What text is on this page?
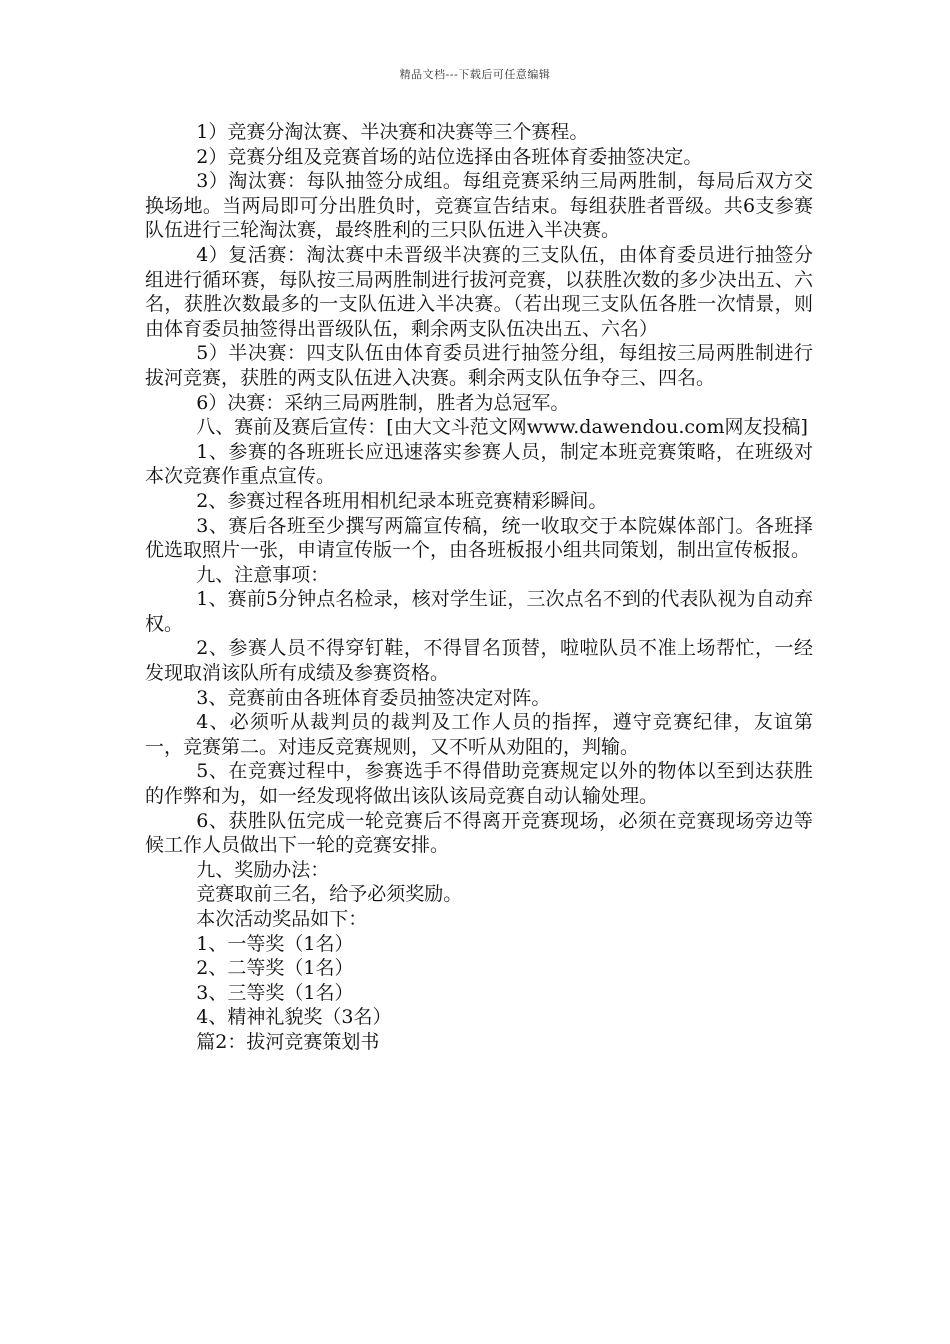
精品文档---下载后可任意编辑

1）竞赛分淘汰赛、半决赛和决赛等三个赛程。

2）竞赛分组及竞赛首场的站位选择由各班体育委抽签决定。

3）淘汰赛：每队抽签分成组。每组竞赛采纳三局两胜制，每局后双方交换场地。当两局即可分出胜负时，竞赛宣告结束。每组获胜者晋级。共6支参赛队伍进行三轮淘汰赛，最终胜利的三只队伍进入半决赛。

4）复活赛：淘汰赛中未晋级半决赛的三支队伍，由体育委员进行抽签分组进行循环赛，每队按三局两胜制进行拔河竞赛，以获胜次数的多少决出五、六名，获胜次数最多的一支队伍进入半决赛。（若出现三支队伍各胜一次情景，则由体育委员抽签得出晋级队伍，剩余两支队伍决出五、六名）

5）半决赛：四支队伍由体育委员进行抽签分组，每组按三局两胜制进行拔河竞赛，获胜的两支队伍进入决赛。剩余两支队伍争夺三、四名。

6）决赛：采纳三局两胜制，胜者为总冠军。

八、赛前及赛后宣传：[由大文斗范文网www.dawendou.com网友投稿]

1、参赛的各班班长应迅速落实参赛人员，制定本班竞赛策略，在班级对本次竞赛作重点宣传。

2、参赛过程各班用相机纪录本班竞赛精彩瞬间。

3、赛后各班至少撰写两篇宣传稿，统一收取交于本院媒体部门。各班择优选取照片一张，申请宣传版一个，由各班板报小组共同策划，制出宣传板报。

九、注意事项：

1、赛前5分钟点名检录，核对学生证，三次点名不到的代表队视为自动弃权。

2、参赛人员不得穿钉鞋，不得冒名顶替，啦啦队员不准上场帮忙，一经发现取消该队所有成绩及参赛资格。

3、竞赛前由各班体育委员抽签决定对阵。

4、必须听从裁判员的裁判及工作人员的指挥，遵守竞赛纪律，友谊第一，竞赛第二。对违反竞赛规则，又不听从劝阻的，判输。

5、在竞赛过程中，参赛选手不得借助竞赛规定以外的物体以至到达获胜的作弊和为，如一经发现将做出该队该局竞赛自动认输处理。

6、获胜队伍完成一轮竞赛后不得离开竞赛现场，必须在竞赛现场旁边等候工作人员做出下一轮的竞赛安排。

九、奖励办法：

竞赛取前三名，给予必须奖励。

本次活动奖品如下：

1、一等奖（1名）

2、二等奖（1名）

3、三等奖（1名）

4、精神礼貌奖（3名）

篇2：拔河竞赛策划书
